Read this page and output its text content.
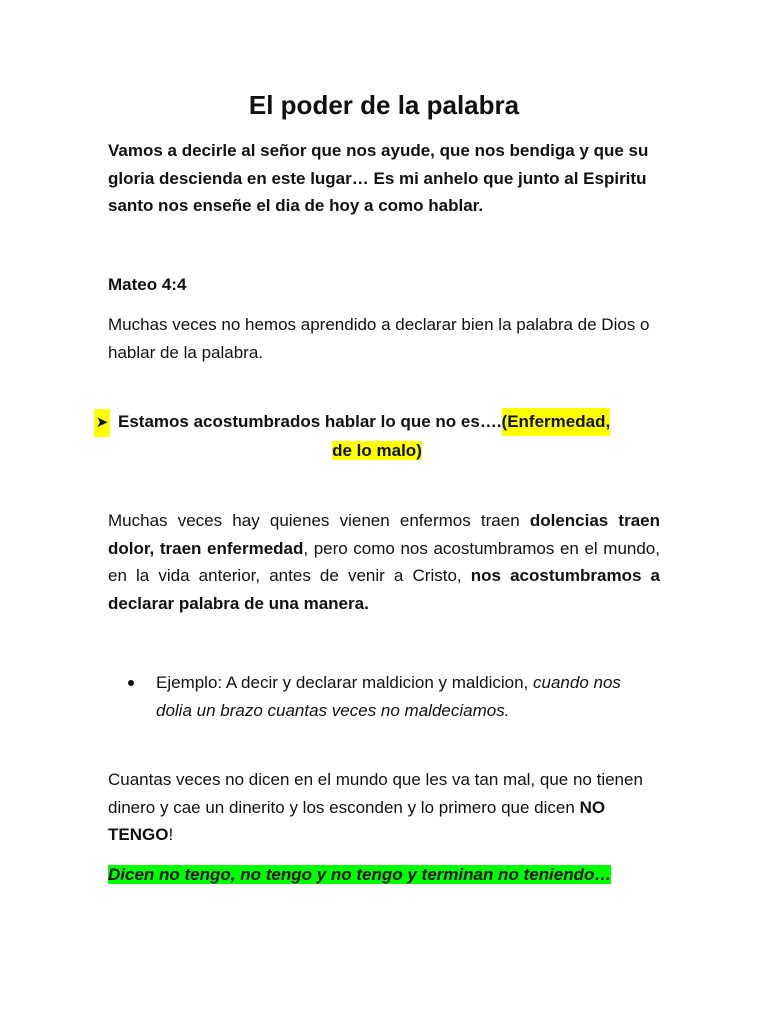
El poder de la palabra
Vamos a decirle al señor que nos ayude, que nos bendiga y que su gloria descienda en este lugar… Es mi anhelo que junto al Espiritu santo nos enseñe el dia de hoy a como hablar.
Mateo 4:4
Muchas veces no hemos aprendido a declarar bien la palabra de Dios o hablar de la palabra.
➤ Estamos acostumbrados hablar lo que no es…. (Enfermedad,
de lo malo)
Muchas veces hay quienes vienen enfermos traen dolencias traen dolor, traen enfermedad, pero como nos acostumbramos en el mundo, en la vida anterior, antes de venir a Cristo, nos acostumbramos a declarar palabra de una manera.
Ejemplo: A decir y declarar maldicion y maldicion, cuando nos dolia un brazo cuantas veces no maldeciamos.
Cuantas veces no dicen en el mundo que les va tan mal, que no tienen dinero y cae un dinerito y los esconden y lo primero que dicen NO TENGO!
Dicen no tengo, no tengo y no tengo y terminan no teniendo…
